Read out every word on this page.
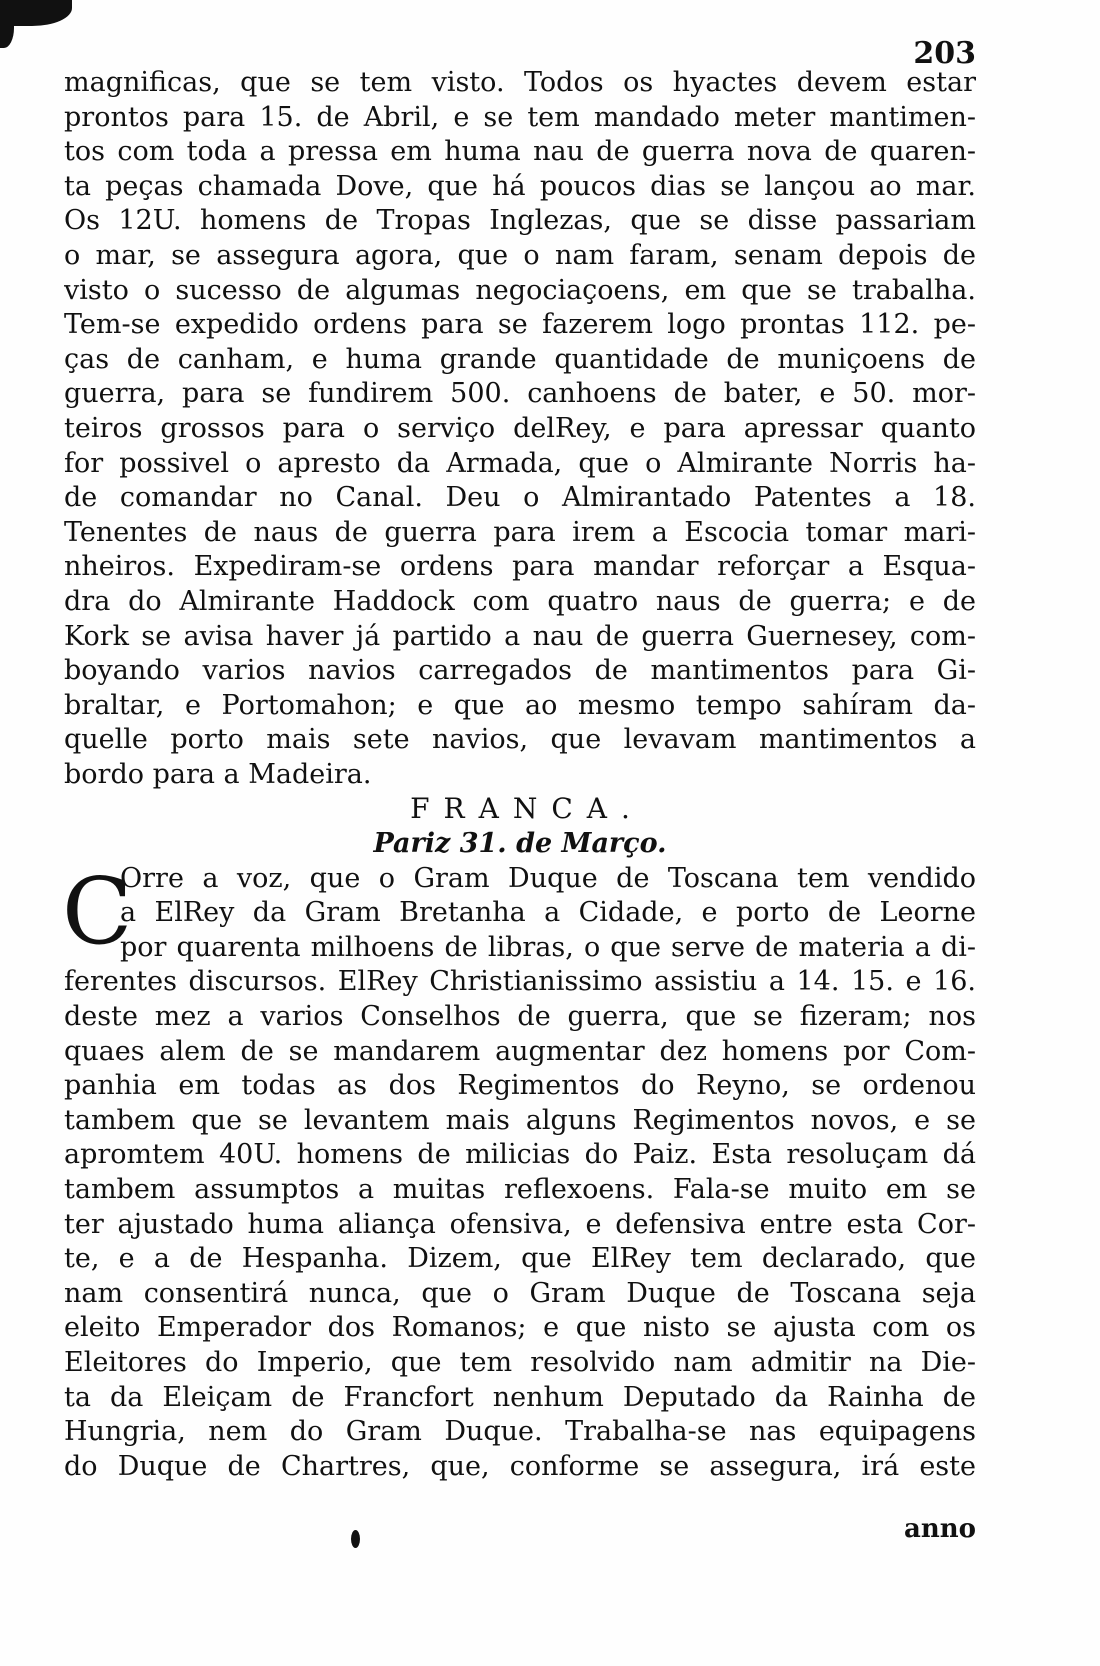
203
magnificas, que se tem visto. Todos os hyactes devem estar
prontos para 15. de Abril, e se tem mandado meter mantimen-
tos com toda a pressa em huma nau de guerra nova de quaren-
ta peças chamada Dove, que há poucos dias se lançou ao mar.
Os 12U. homens de Tropas Inglezas, que se disse passariam
o mar, se assegura agora, que o nam faram, senam depois de
visto o sucesso de algumas negociaçoens, em que se trabalha.
Tem-se expedido ordens para se fazerem logo prontas 112. pe-
ças de canham, e huma grande quantidade de muniçoens de
guerra, para se fundirem 500. canhoens de bater, e 50. mor-
teiros grossos para o serviço delRey, e para apressar quanto
for possivel o apresto da Armada, que o Almirante Norris ha-
de comandar no Canal. Deu o Almirantado Patentes a 18.
Tenentes de naus de guerra para irem a Escocia tomar mari-
nheiros. Expediram-se ordens para mandar reforçar a Esqua-
dra do Almirante Haddock com quatro naus de guerra; e de
Kork se avisa haver já partido a nau de guerra Guernesey, com-
boyando varios navios carregados de mantimentos para Gi-
braltar, e Portomahon; e que ao mesmo tempo sahíram da-
quelle porto mais sete navios, que levavam mantimentos a
bordo para a Madeira.
FRANCA.
Pariz 31. de Março.
Orre a voz, que o Gram Duque de Toscana tem vendido
a ElRey da Gram Bretanha a Cidade, e porto de Leorne
por quarenta milhoens de libras, o que serve de materia a di-
ferentes discursos. ElRey Christianissimo assistiu a 14. 15. e 16.
deste mez a varios Conselhos de guerra, que se fizeram; nos
quaes alem de se mandarem augmentar dez homens por Com-
panhia em todas as dos Regimentos do Reyno, se ordenou
tambem que se levantem mais alguns Regimentos novos, e se
apromtem 40U. homens de milicias do Paiz. Esta resoluçam dá
tambem assumptos a muitas reflexoens. Fala-se muito em se
ter ajustado huma aliança ofensiva, e defensiva entre esta Cor-
te, e a de Hespanha. Dizem, que ElRey tem declarado, que
nam consentirá nunca, que o Gram Duque de Toscana seja
eleito Emperador dos Romanos; e que nisto se ajusta com os
Eleitores do Imperio, que tem resolvido nam admitir na Die-
ta da Eleiçam de Francfort nenhum Deputado da Rainha de
Hungria, nem do Gram Duque. Trabalha-se nas equipagens
do Duque de Chartres, que, conforme se assegura, irá este
C
anno
